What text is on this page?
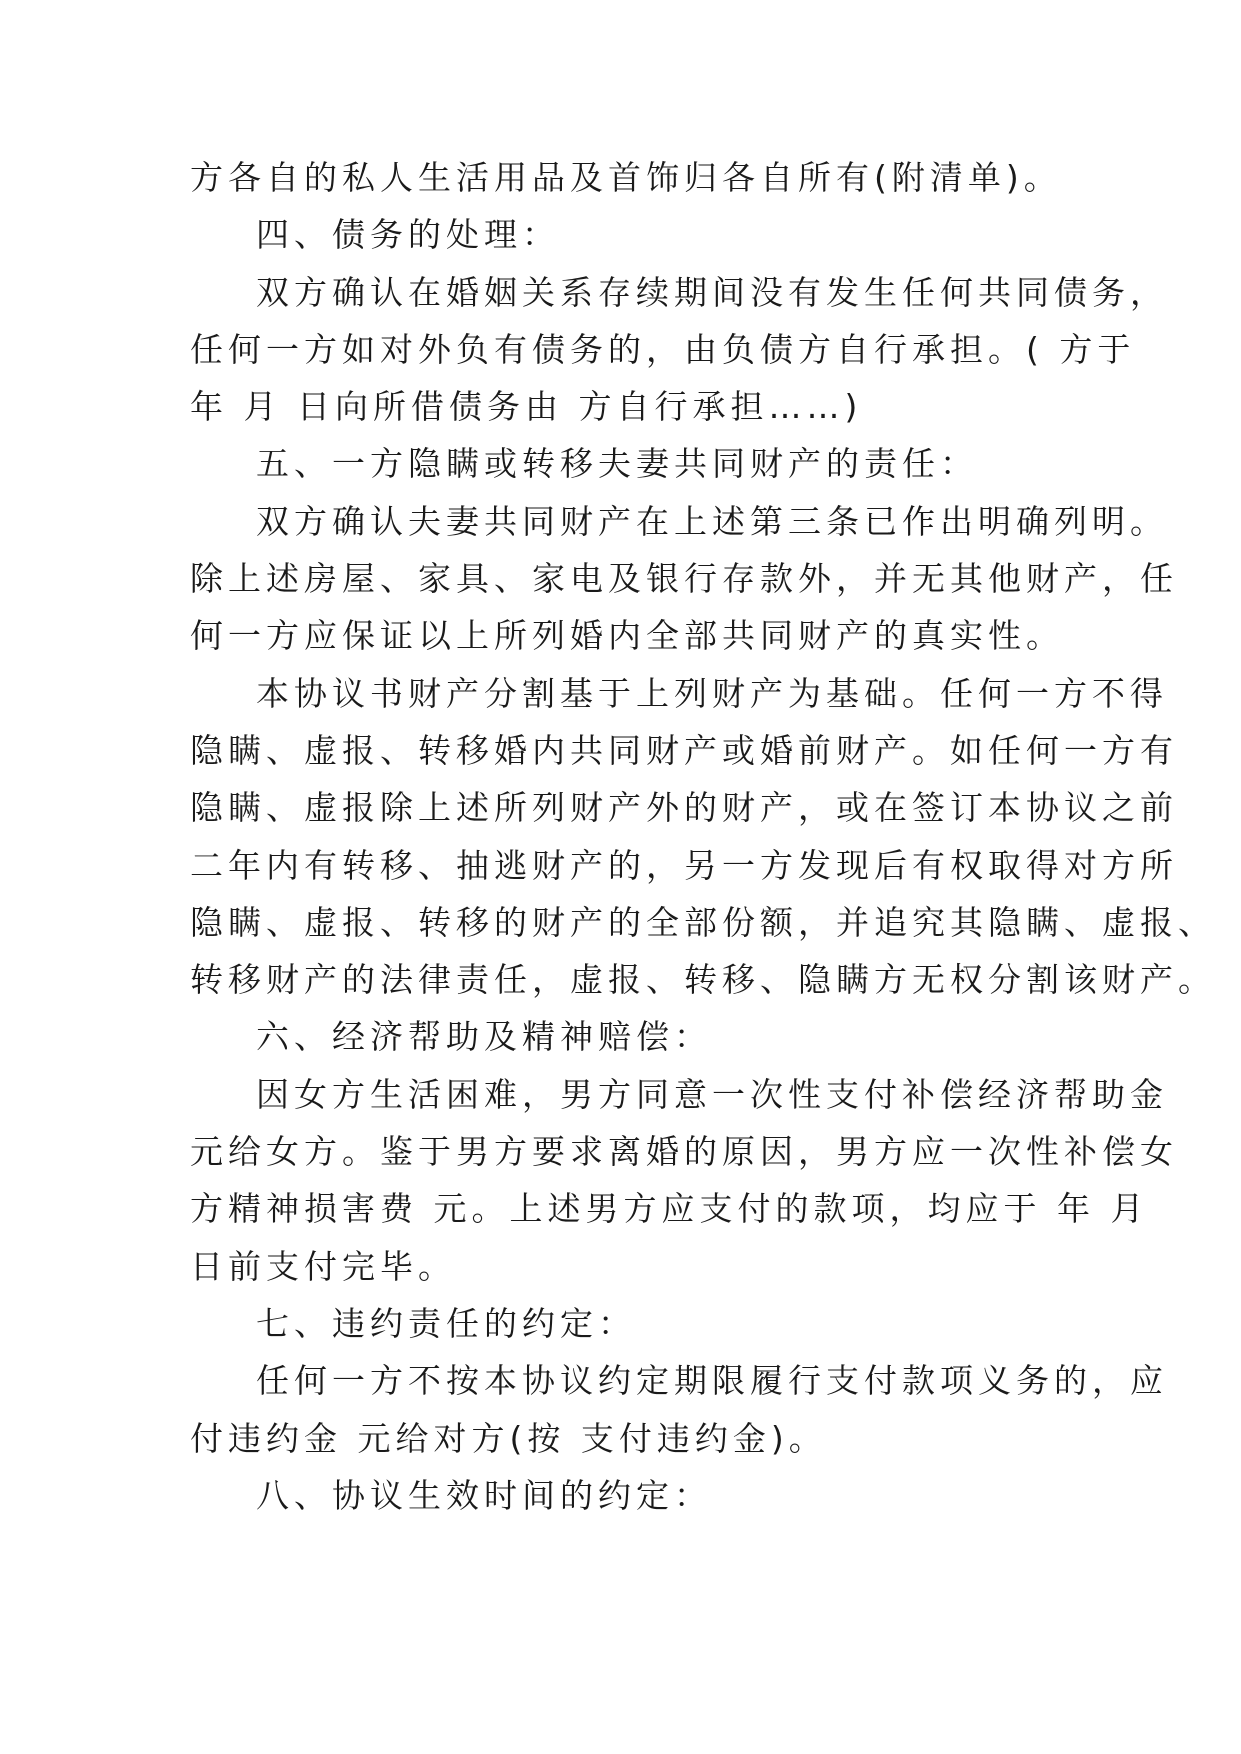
方各自的私人生活用品及首饰归各自所有(附清单)。
四、债务的处理：
双方确认在婚姻关系存续期间没有发生任何共同债务，
任何一方如对外负有债务的，由负债方自行承担。( 方于
年 月 日向所借债务由 方自行承担……)
五、一方隐瞒或转移夫妻共同财产的责任：
双方确认夫妻共同财产在上述第三条已作出明确列明。
除上述房屋、家具、家电及银行存款外，并无其他财产，任
何一方应保证以上所列婚内全部共同财产的真实性。
本协议书财产分割基于上列财产为基础。任何一方不得
隐瞒、虚报、转移婚内共同财产或婚前财产。如任何一方有
隐瞒、虚报除上述所列财产外的财产，或在签订本协议之前
二年内有转移、抽逃财产的，另一方发现后有权取得对方所
隐瞒、虚报、转移的财产的全部份额，并追究其隐瞒、虚报、
转移财产的法律责任，虚报、转移、隐瞒方无权分割该财产。
六、经济帮助及精神赔偿：
因女方生活困难，男方同意一次性支付补偿经济帮助金
元给女方。鉴于男方要求离婚的原因，男方应一次性补偿女
方精神损害费 元。上述男方应支付的款项，均应于 年 月
日前支付完毕。
七、违约责任的约定：
任何一方不按本协议约定期限履行支付款项义务的，应
付违约金 元给对方(按 支付违约金)。
八、协议生效时间的约定：
